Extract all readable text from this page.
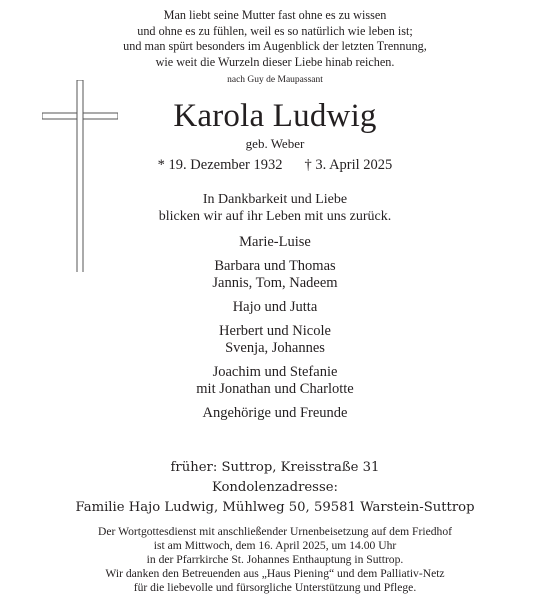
Man liebt seine Mutter fast ohne es zu wissen
und ohne es zu fühlen, weil es so natürlich wie leben ist;
und man spürt besonders im Augenblick der letzten Trennung,
wie weit die Wurzeln dieser Liebe hinab reichen.
nach Guy de Maupassant
Karola Ludwig
geb. Weber
* 19. Dezember 1932 † 3. April 2025
In Dankbarkeit und Liebe
blicken wir auf ihr Leben mit uns zurück.
Marie-Luise
Barbara und Thomas
Jannis, Tom, Nadeem
Hajo und Jutta
Herbert und Nicole
Svenja, Johannes
Joachim und Stefanie
mit Jonathan und Charlotte
Angehörige und Freunde
früher: Suttrop, Kreisstraße 31
Kondolenzadresse:
Familie Hajo Ludwig, Mühlweg 50, 59581 Warstein-Suttrop
Der Wortgottesdienst mit anschließender Urnenbeisetzung auf dem Friedhof
ist am Mittwoch, dem 16. April 2025, um 14.00 Uhr
in der Pfarrkirche St. Johannes Enthauptung in Suttrop.
Wir danken den Betreuenden aus „Haus Piening“ und dem Palliativ-Netz
für die liebevolle und fürsorgliche Unterstützung und Pflege.
